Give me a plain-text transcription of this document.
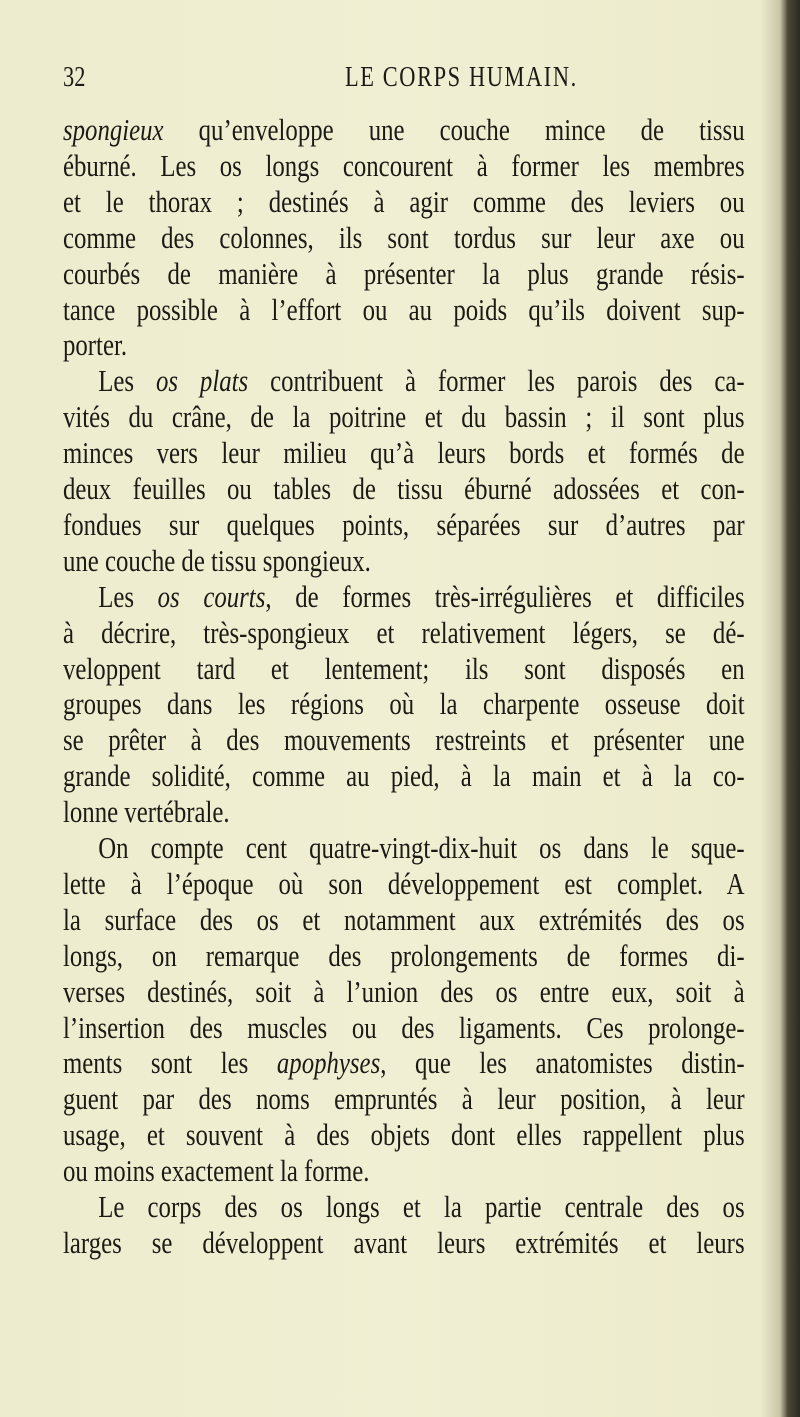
32	LE CORPS HUMAIN.
spongieux qu’enveloppe une couche mince de tissu
éburné. Les os longs concourent à former les membres
et le thorax ; destinés à agir comme des leviers ou
comme des colonnes, ils sont tordus sur leur axe ou
courbés de manière à présenter la plus grande résis-
tance possible à l’effort ou au poids qu’ils doivent sup-
porter.
Les os plats contribuent à former les parois des ca-
vités du crâne, de la poitrine et du bassin ; il sont plus
minces vers leur milieu qu’à leurs bords et formés de
deux feuilles ou tables de tissu éburné adossées et con-
fondues sur quelques points, séparées sur d’autres par
une couche de tissu spongieux.
Les os courts, de formes très-irrégulières et difficiles
à décrire, très-spongieux et relativement légers, se dé-
veloppent tard et lentement; ils sont disposés en
groupes dans les régions où la charpente osseuse doit
se prêter à des mouvements restreints et présenter une
grande solidité, comme au pied, à la main et à la co-
lonne vertébrale.
On compte cent quatre-vingt-dix-huit os dans le sque-
lette à l’époque où son développement est complet. A
la surface des os et notamment aux extrémités des os
longs, on remarque des prolongements de formes di-
verses destinés, soit à l’union des os entre eux, soit à
l’insertion des muscles ou des ligaments. Ces prolonge-
ments sont les apophyses, que les anatomistes distin-
guent par des noms empruntés à leur position, à leur
usage, et souvent à des objets dont elles rappellent plus
ou moins exactement la forme.
Le corps des os longs et la partie centrale des os
larges se développent avant leurs extrémités et leurs
